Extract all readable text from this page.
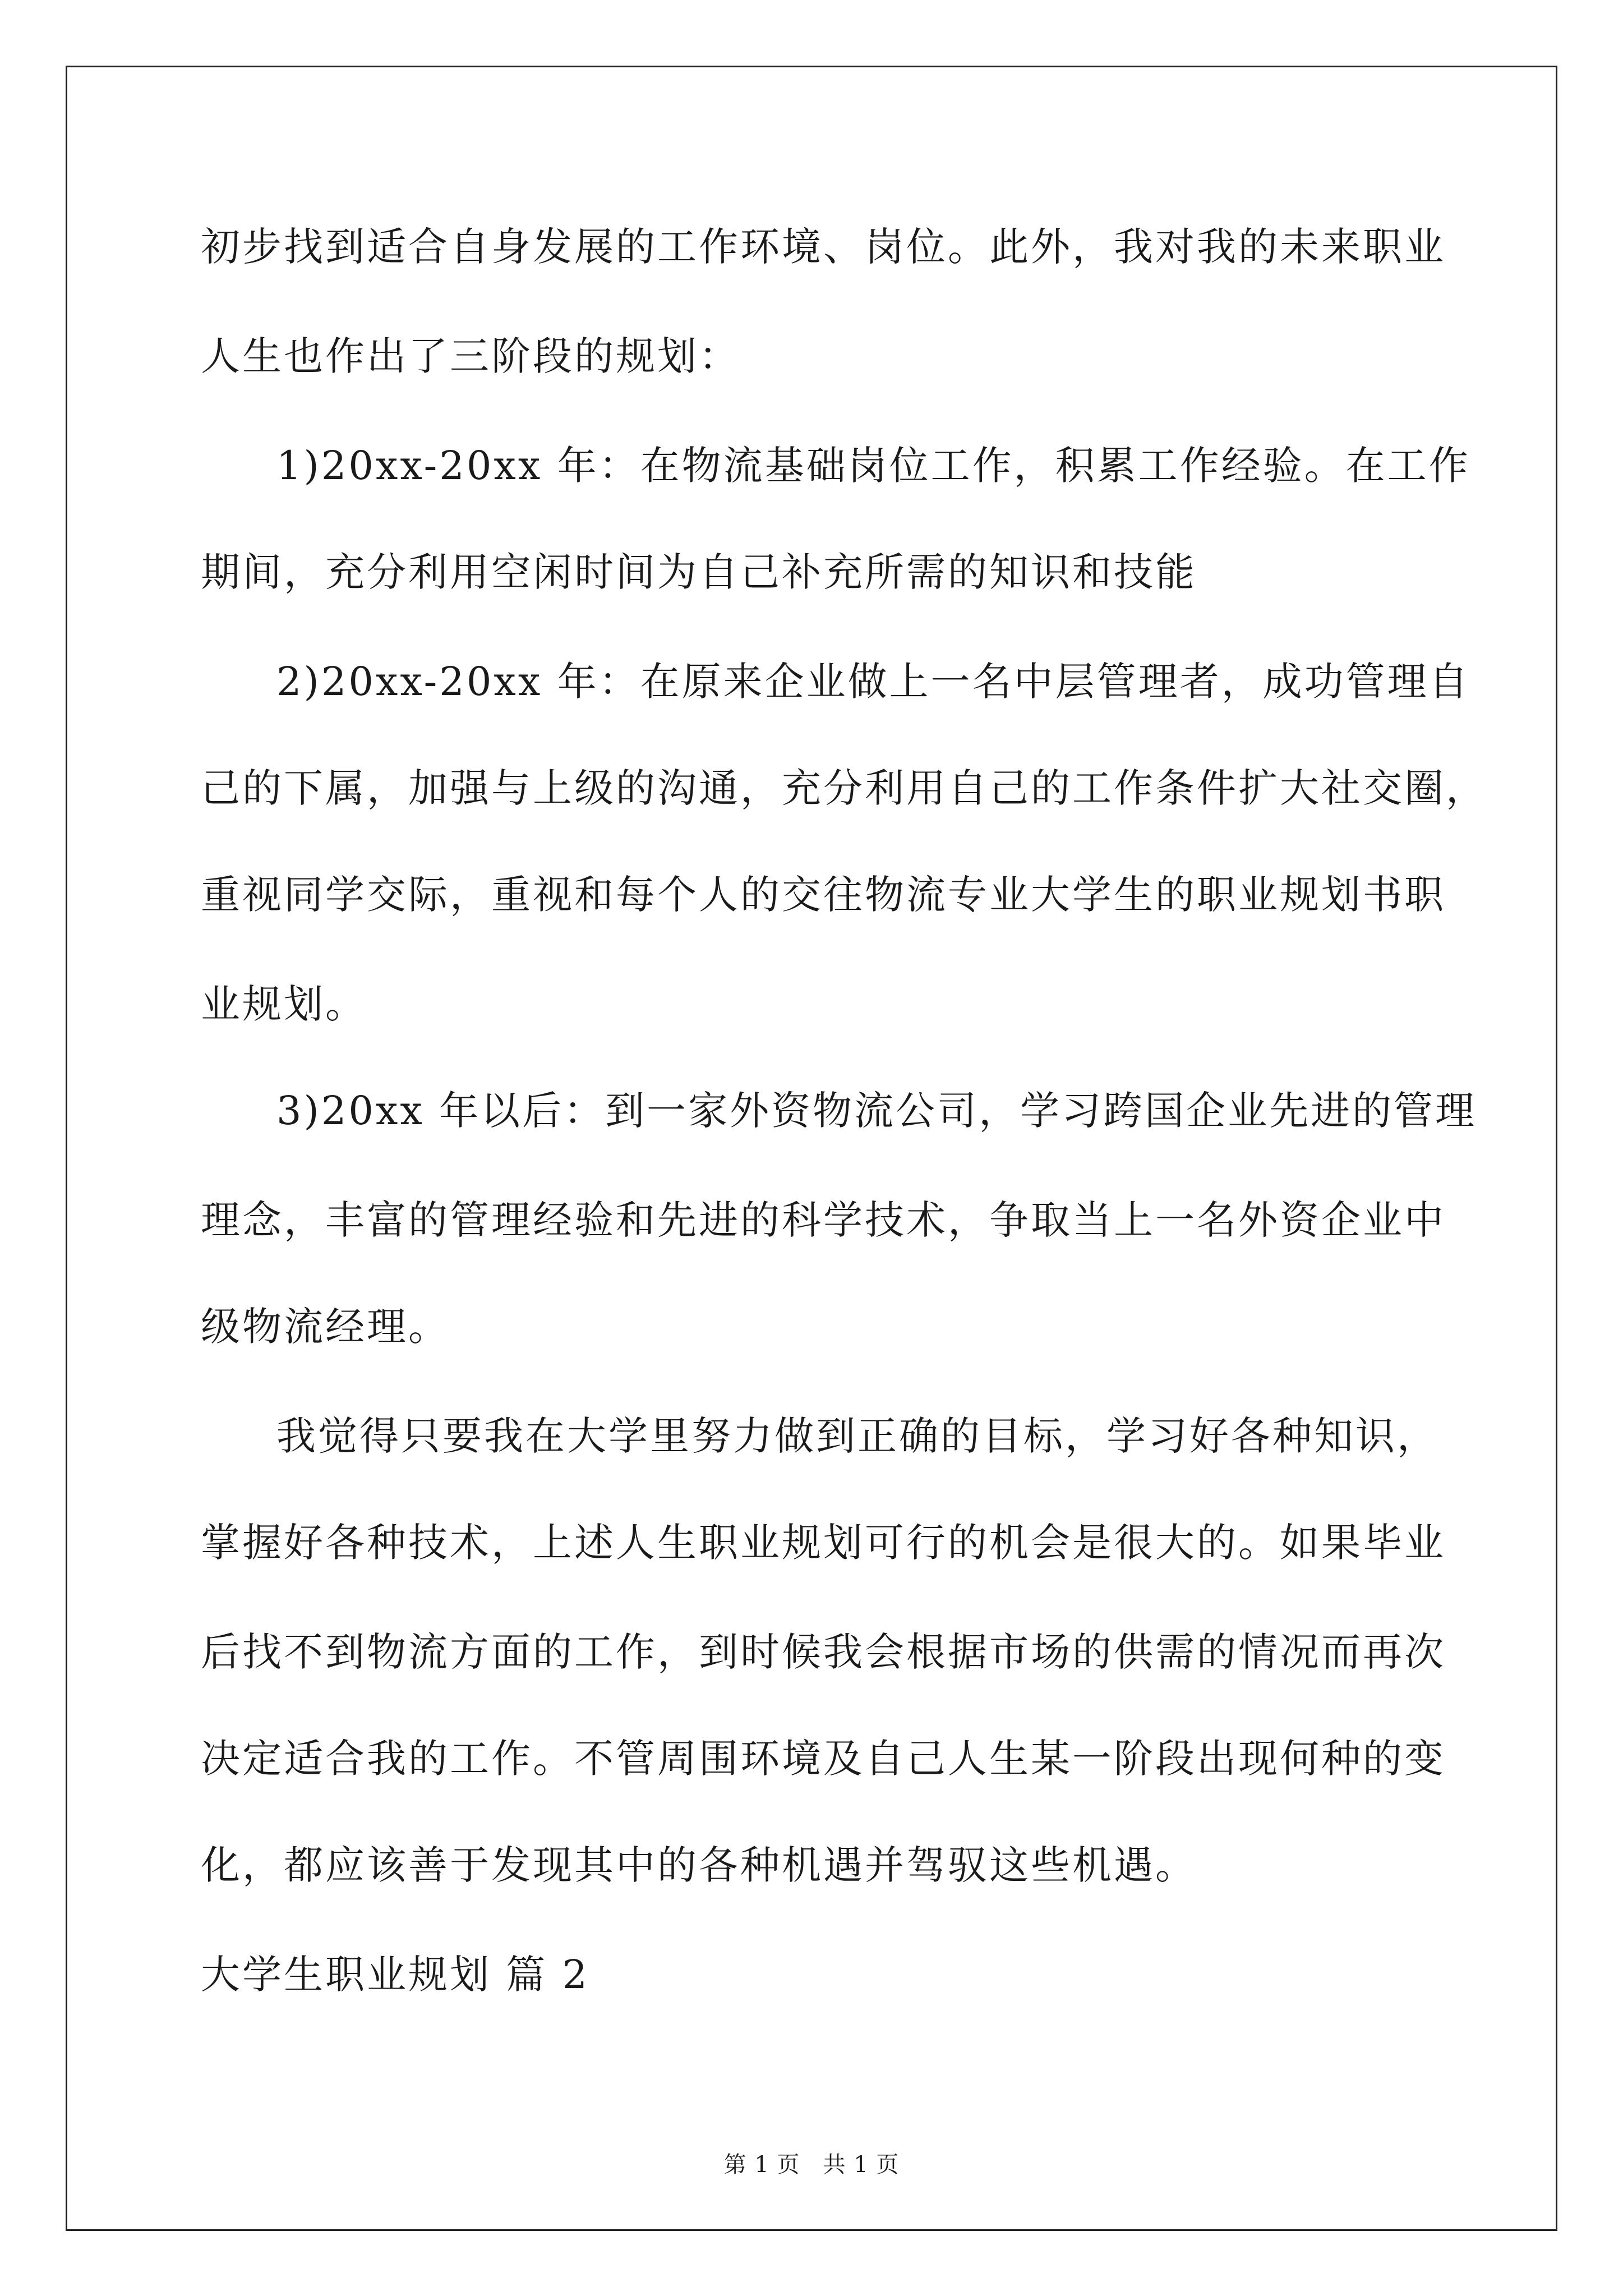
初步找到适合自身发展的工作环境、岗位。此外，我对我的未来职业
人生也作出了三阶段的规划：
1)20xx-20xx 年：在物流基础岗位工作，积累工作经验。在工作
期间，充分利用空闲时间为自己补充所需的知识和技能
2)20xx-20xx 年：在原来企业做上一名中层管理者，成功管理自
己的下属，加强与上级的沟通，充分利用自己的工作条件扩大社交圈，
重视同学交际，重视和每个人的交往物流专业大学生的职业规划书职
业规划。
3)20xx 年以后：到一家外资物流公司，学习跨国企业先进的管理
理念，丰富的管理经验和先进的科学技术，争取当上一名外资企业中
级物流经理。
我觉得只要我在大学里努力做到正确的目标，学习好各种知识，
掌握好各种技术，上述人生职业规划可行的机会是很大的。如果毕业
后找不到物流方面的工作，到时候我会根据市场的供需的情况而再次
决定适合我的工作。不管周围环境及自己人生某一阶段出现何种的变
化，都应该善于发现其中的各种机遇并驾驭这些机遇。
大学生职业规划 篇 2
第 1 页　共 1 页
